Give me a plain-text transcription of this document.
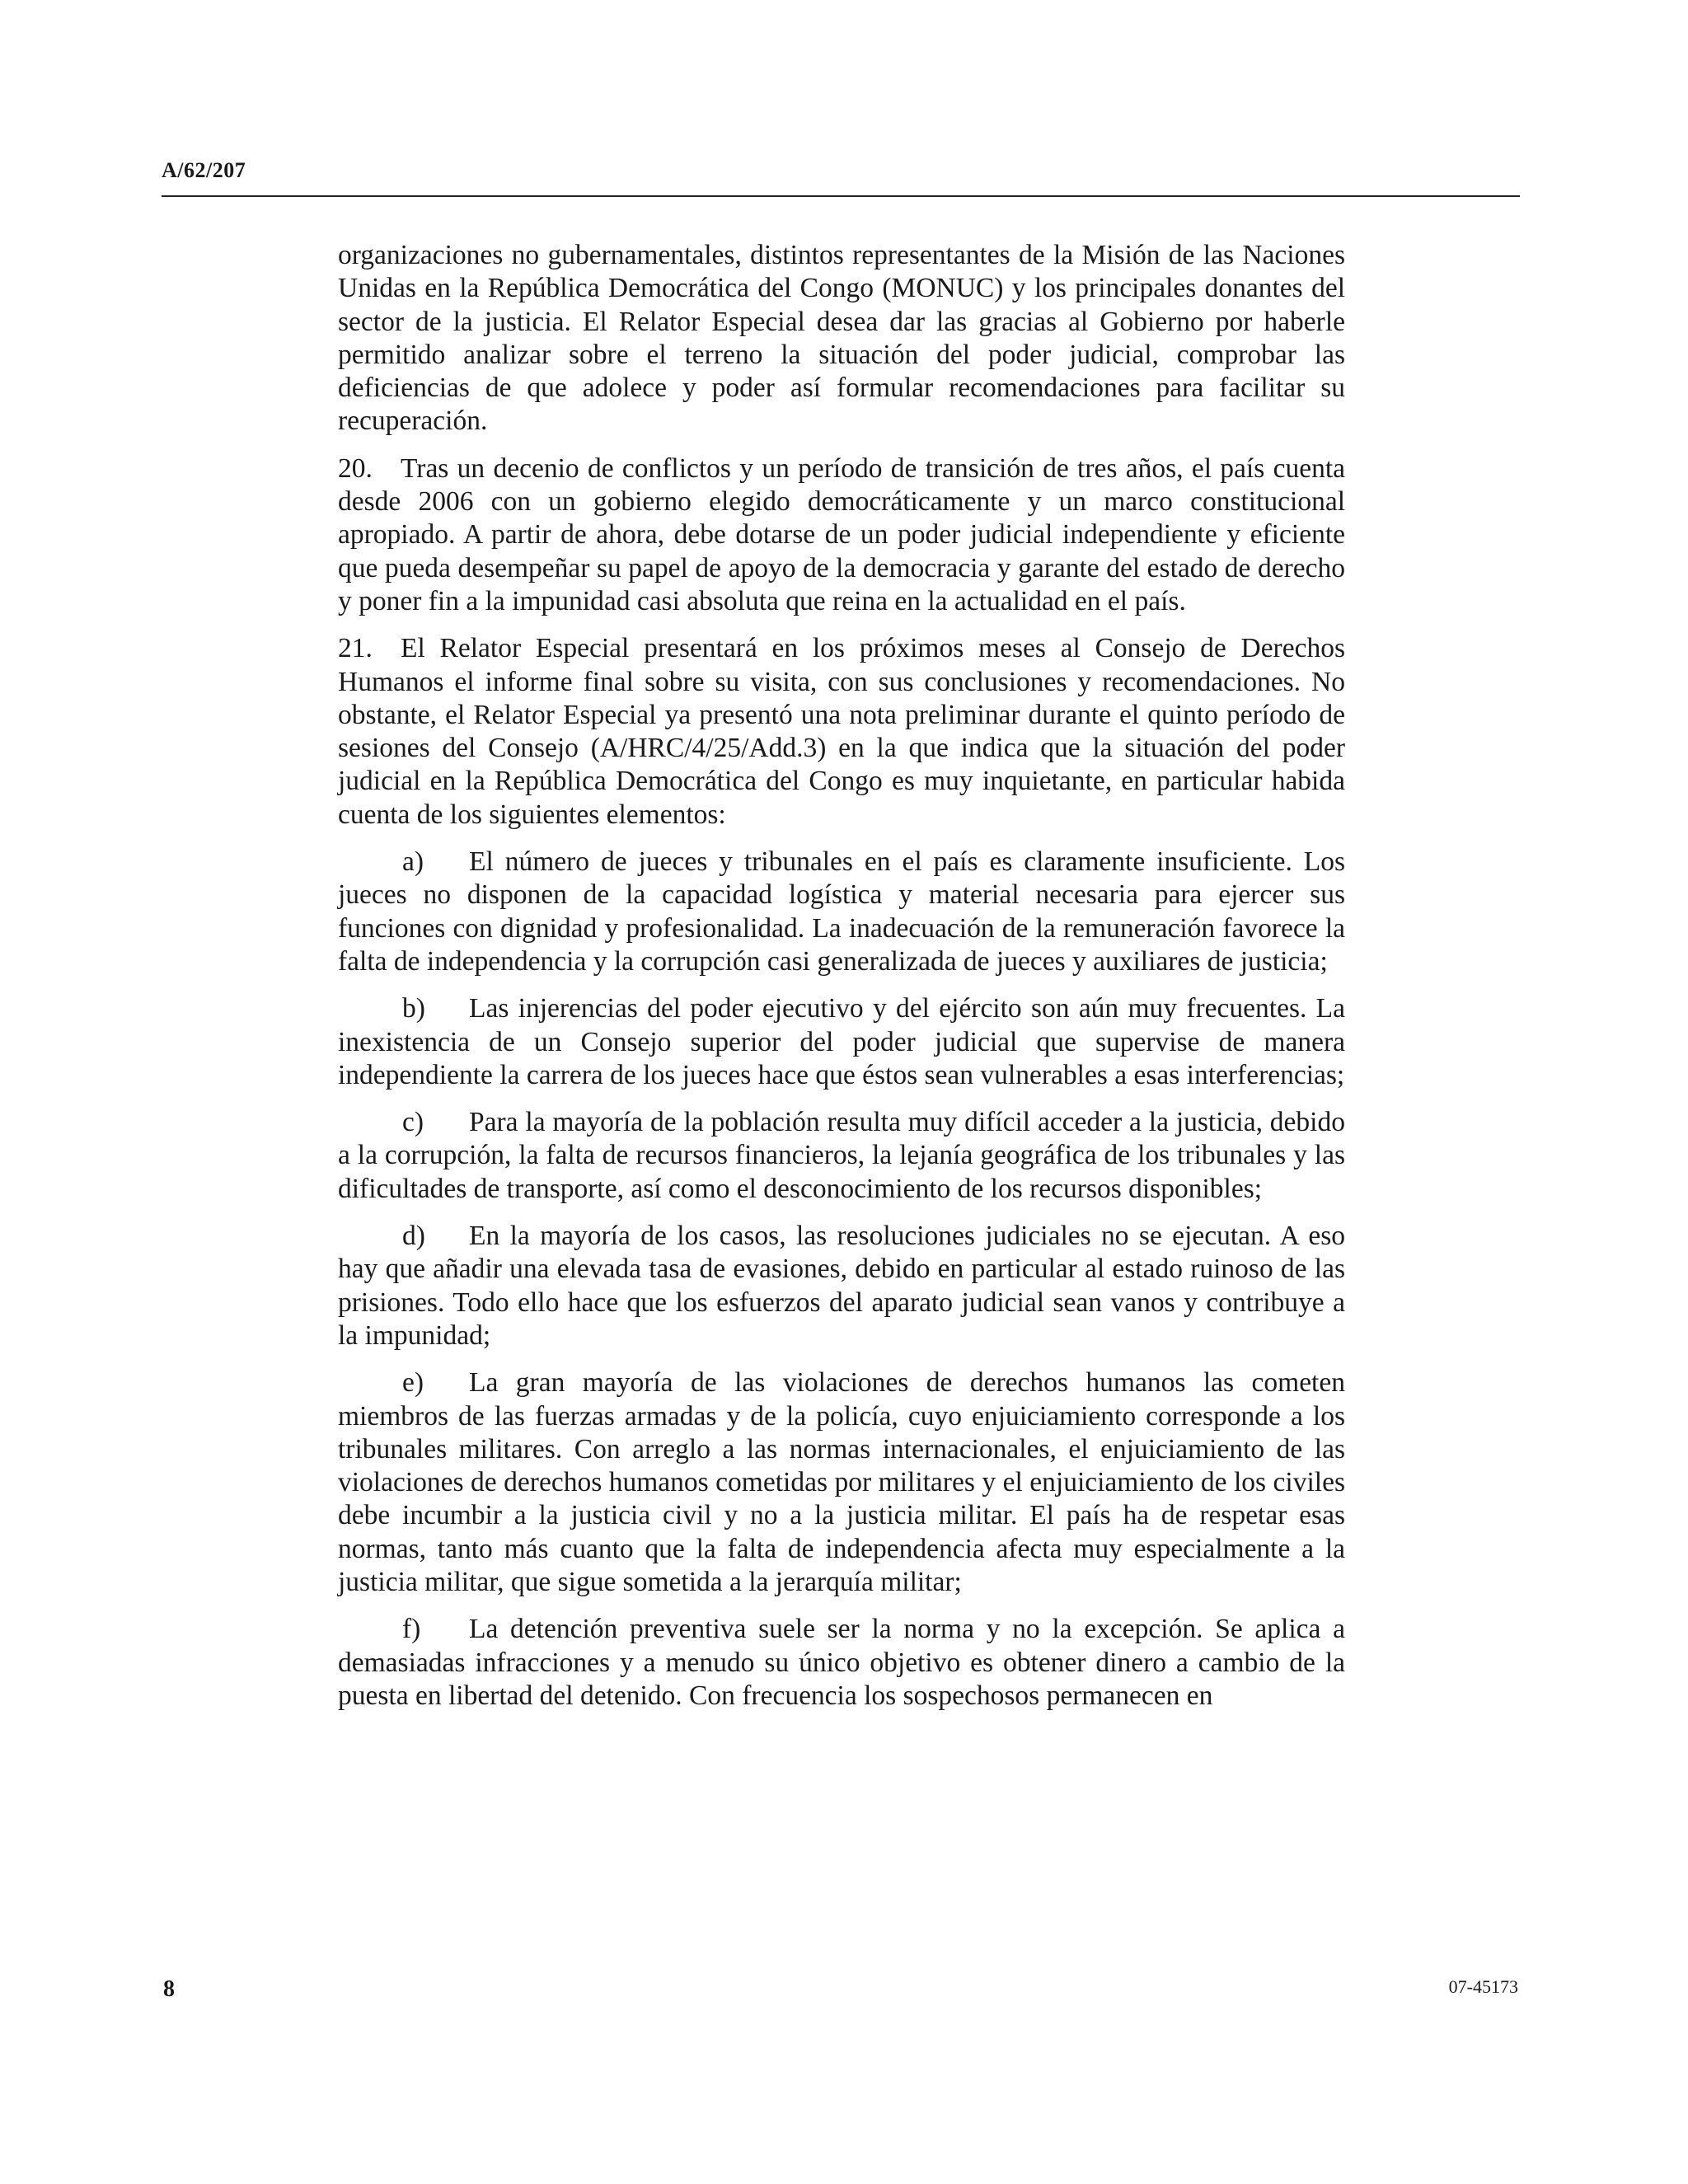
A/62/207

organizaciones no gubernamentales, distintos representantes de la Misión de las Naciones Unidas en la República Democrática del Congo (MONUC) y los principales donantes del sector de la justicia. El Relator Especial desea dar las gracias al Gobierno por haberle permitido analizar sobre el terreno la situación del poder judicial, comprobar las deficiencias de que adolece y poder así formular recomendaciones para facilitar su recuperación.

20. Tras un decenio de conflictos y un período de transición de tres años, el país cuenta desde 2006 con un gobierno elegido democráticamente y un marco constitucional apropiado. A partir de ahora, debe dotarse de un poder judicial independiente y eficiente que pueda desempeñar su papel de apoyo de la democracia y garante del estado de derecho y poner fin a la impunidad casi absoluta que reina en la actualidad en el país.

21. El Relator Especial presentará en los próximos meses al Consejo de Derechos Humanos el informe final sobre su visita, con sus conclusiones y recomendaciones. No obstante, el Relator Especial ya presentó una nota preliminar durante el quinto período de sesiones del Consejo (A/HRC/4/25/Add.3) en la que indica que la situación del poder judicial en la República Democrática del Congo es muy inquietante, en particular habida cuenta de los siguientes elementos:

a) El número de jueces y tribunales en el país es claramente insuficiente. Los jueces no disponen de la capacidad logística y material necesaria para ejercer sus funciones con dignidad y profesionalidad. La inadecuación de la remuneración favorece la falta de independencia y la corrupción casi generalizada de jueces y auxiliares de justicia;

b) Las injerencias del poder ejecutivo y del ejército son aún muy frecuentes. La inexistencia de un Consejo superior del poder judicial que supervise de manera independiente la carrera de los jueces hace que éstos sean vulnerables a esas interferencias;

c) Para la mayoría de la población resulta muy difícil acceder a la justicia, debido a la corrupción, la falta de recursos financieros, la lejanía geográfica de los tribunales y las dificultades de transporte, así como el desconocimiento de los recursos disponibles;

d) En la mayoría de los casos, las resoluciones judiciales no se ejecutan. A eso hay que añadir una elevada tasa de evasiones, debido en particular al estado ruinoso de las prisiones. Todo ello hace que los esfuerzos del aparato judicial sean vanos y contribuye a la impunidad;

e) La gran mayoría de las violaciones de derechos humanos las cometen miembros de las fuerzas armadas y de la policía, cuyo enjuiciamiento corresponde a los tribunales militares. Con arreglo a las normas internacionales, el enjuiciamiento de las violaciones de derechos humanos cometidas por militares y el enjuiciamiento de los civiles debe incumbir a la justicia civil y no a la justicia militar. El país ha de respetar esas normas, tanto más cuanto que la falta de independencia afecta muy especialmente a la justicia militar, que sigue sometida a la jerarquía militar;

f) La detención preventiva suele ser la norma y no la excepción. Se aplica a demasiadas infracciones y a menudo su único objetivo es obtener dinero a cambio de la puesta en libertad del detenido. Con frecuencia los sospechosos permanecen en

8	07-45173
